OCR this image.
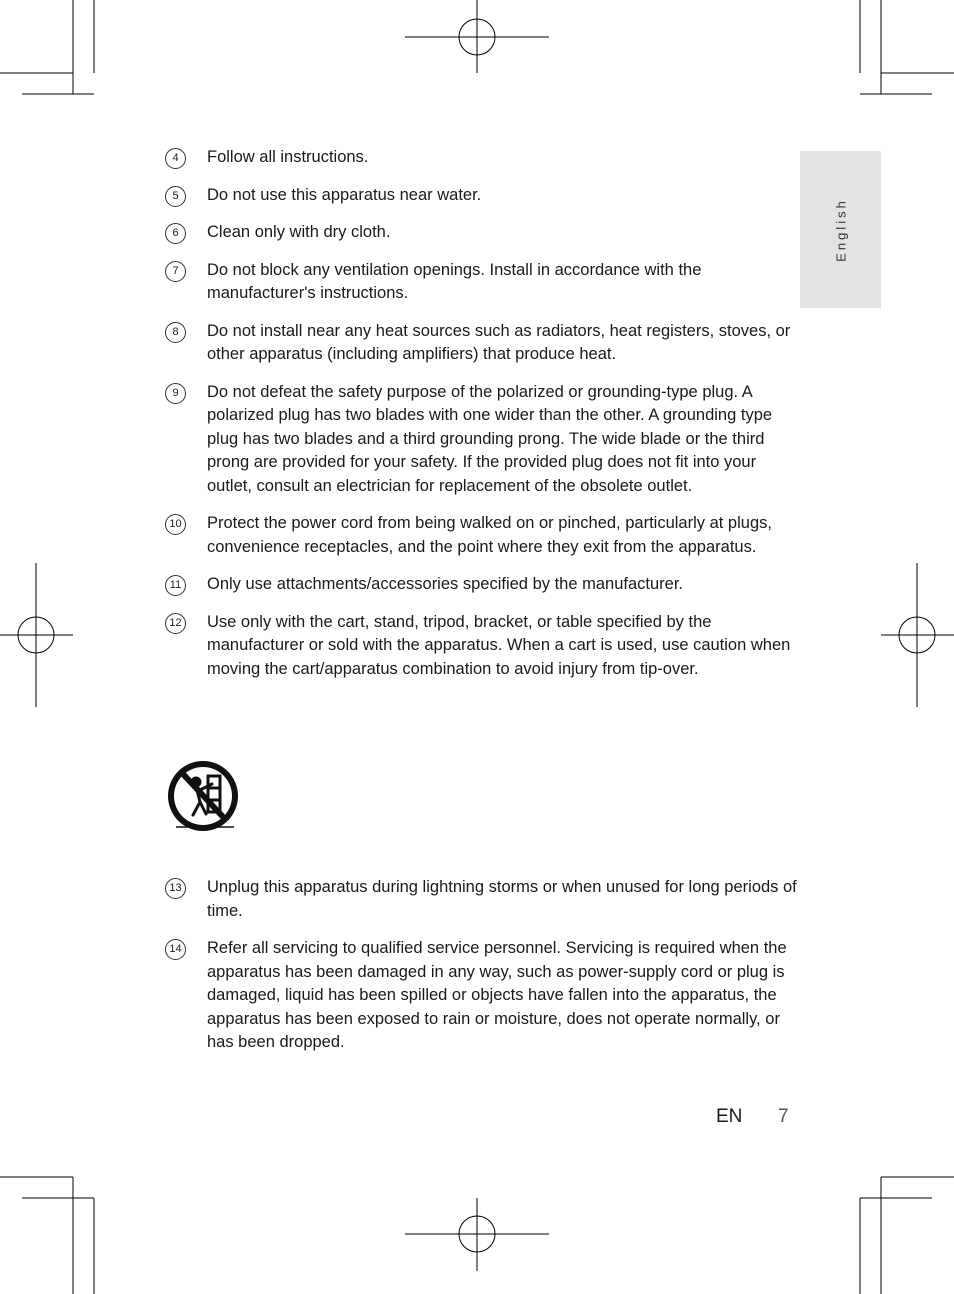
English
4	Follow all instructions.
5	Do not use this apparatus near water.
6	Clean only with dry cloth.
7	Do not block any ventilation openings. Install in accordance with the manufacturer's instructions.
8	Do not install near any heat sources such as radiators, heat registers, stoves, or other apparatus (including amplifiers) that produce heat.
9	Do not defeat the safety purpose of the polarized or grounding-type plug. A polarized plug has two blades with one wider than the other. A grounding type plug has two blades and a third grounding prong. The wide blade or the third prong are provided for your safety. If the provided plug does not fit into your outlet, consult an electrician for replacement of the obsolete outlet.
10 Protect the power cord from being walked on or pinched, particularly at plugs, convenience receptacles, and the point where they exit from the apparatus.
11 Only use attachments/accessories specified by the manufacturer.
12 Use only with the cart, stand, tripod, bracket, or table specified by the manufacturer or sold with the apparatus. When a cart is used, use caution when moving the cart/apparatus combination to avoid injury from tip-over.
13 Unplug this apparatus during lightning storms or when unused for long periods of time.
14 Refer all servicing to qualified service personnel. Servicing is required when the apparatus has been damaged in any way, such as power-supply cord or plug is damaged, liquid has been spilled or objects have fallen into the apparatus, the apparatus has been exposed to rain or moisture, does not operate normally, or has been dropped.
EN 7
